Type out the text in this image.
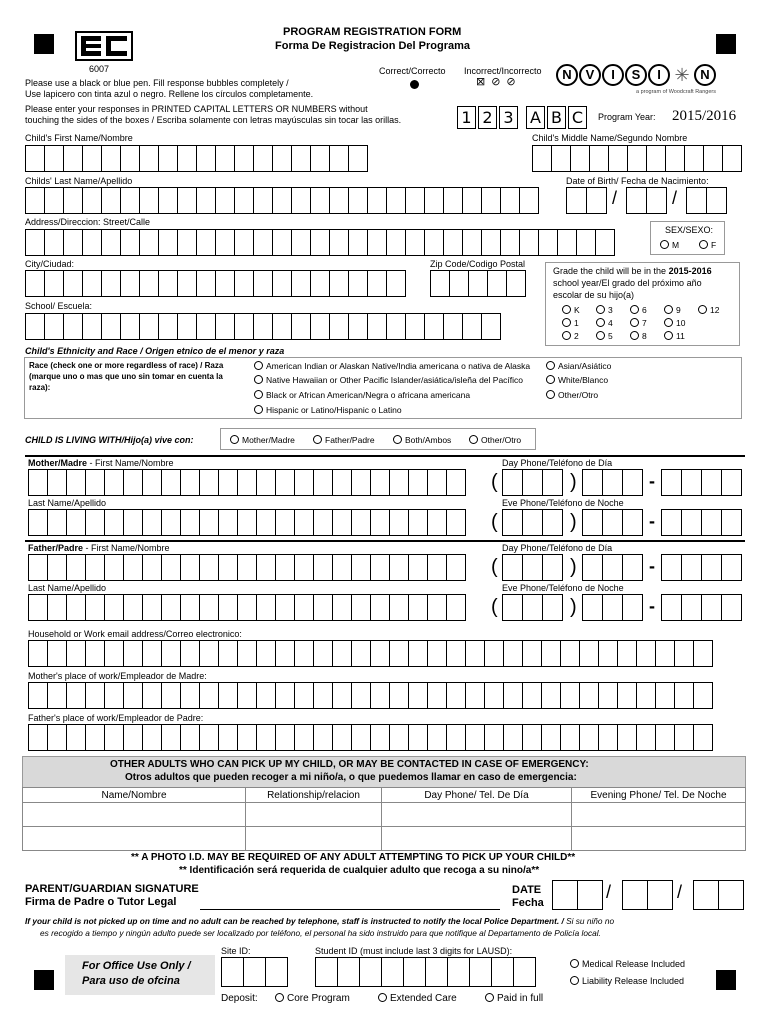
6007
PROGRAM REGISTRATION FORM
Forma De Registracion Del Programa
Please use a black or blue pen. Fill response bubbles completely /
Use lapicero con tinta azul o negro. Rellene los círculos completamente.
Please enter your responses in PRINTED CAPITAL LETTERS OR NUMBERS without
touching the sides of the boxes / Escriba solamente con letras mayúsculas sin tocar las orillas.
Correct/Correcto Incorrect/Incorrecto
⊠⊘⊘	N	V	I	S	I ✳ N
a program of Woodcraft Rangers
1 2 3 A B C	Program Year: 2015/2016
Child's First Name/Nombre	Child's Middle Name/Segundo Nombre
Childs' Last Name/Apellido	Date of Birth/ Fecha de Nacimiento:
/	/
Address/Direccion: Street/Calle
SEX/SEXO:
M	F
City/Ciudad:	Zip Code/Codigo Postal
Grade the child will be in the 2015-2016
school year/El grado del próximo año
escolar de su hijo(a)
K	3	6	9	12
1	4	7	10
2	5	8	11
School/ Escuela:
Child's Ethnicity and Race / Origen etnico de el menor y raza
Race (check one or more regardless of race) / Raza
(marque uno o mas que uno sin tomar en cuenta la
raza):
American Indian or Alaskan Native/India americana o nativa de Alaska
Native Hawaiian or Other Pacific Islander/asiática/isleña del Pacífico
Black or African American/Negra o africana americana
Hispanic or Latino/Hispanic o Latino
Asian/Asiático
White/Blanco
Other/Otro
CHILD IS LIVING WITH/Hijo(a) vive con:	Mother/Madre	Father/Padre	Both/Ambos	Other/Otro
Mother/Madre - First Name/Nombre	Day Phone/Teléfono de Día
Last Name/Apellido	Eve Phone/Teléfono de Noche
Father/Padre - First Name/Nombre	Day Phone/Teléfono de Día
Last Name/Apellido	Eve Phone/Teléfono de Noche
(	)	-
(	)	-
(	)	-
(	)	-
Household or Work email address/Correo electronico:
Mother's place of work/Empleador de Madre:
Father's place of work/Empleador de Padre:
OTHER ADULTS WHO CAN PICK UP MY CHILD, OR MAY BE CONTACTED IN CASE OF EMERGENCY:
Otros adultos que pueden recoger a mi niño/a, o que puedemos llamar en caso de emergencia:
Name/Nombre	Relationship/relacion	Day Phone/ Tel. De Día	Evening Phone/ Tel. De Noche

** A PHOTO I.D. MAY BE REQUIRED OF ANY ADULT ATTEMPTING TO PICK UP YOUR CHILD**
** Identificación será requerida de cualquier adulto que recoga a su nino/a**
PARENT/GUARDIAN SIGNATURE
Firma de Padre o Tutor Legal
DATE
Fecha
/	/
If your child is not picked up on time and no adult can be reached by telephone, staff is instructed to notify the local Police Department. / Si su niño no
es recogido a tiempo y ningún adulto puede ser localizado por teléfono, el personal ha sido instruido para que notifique al Departamento de Policía local.
For Office Use Only /
Para uso de ofcina
Site ID:	Student ID (must include last 3 digits for LAUSD):
Medical Release Included
Liability Release Included
Deposit:	Core Program	Extended Care	Paid in full
